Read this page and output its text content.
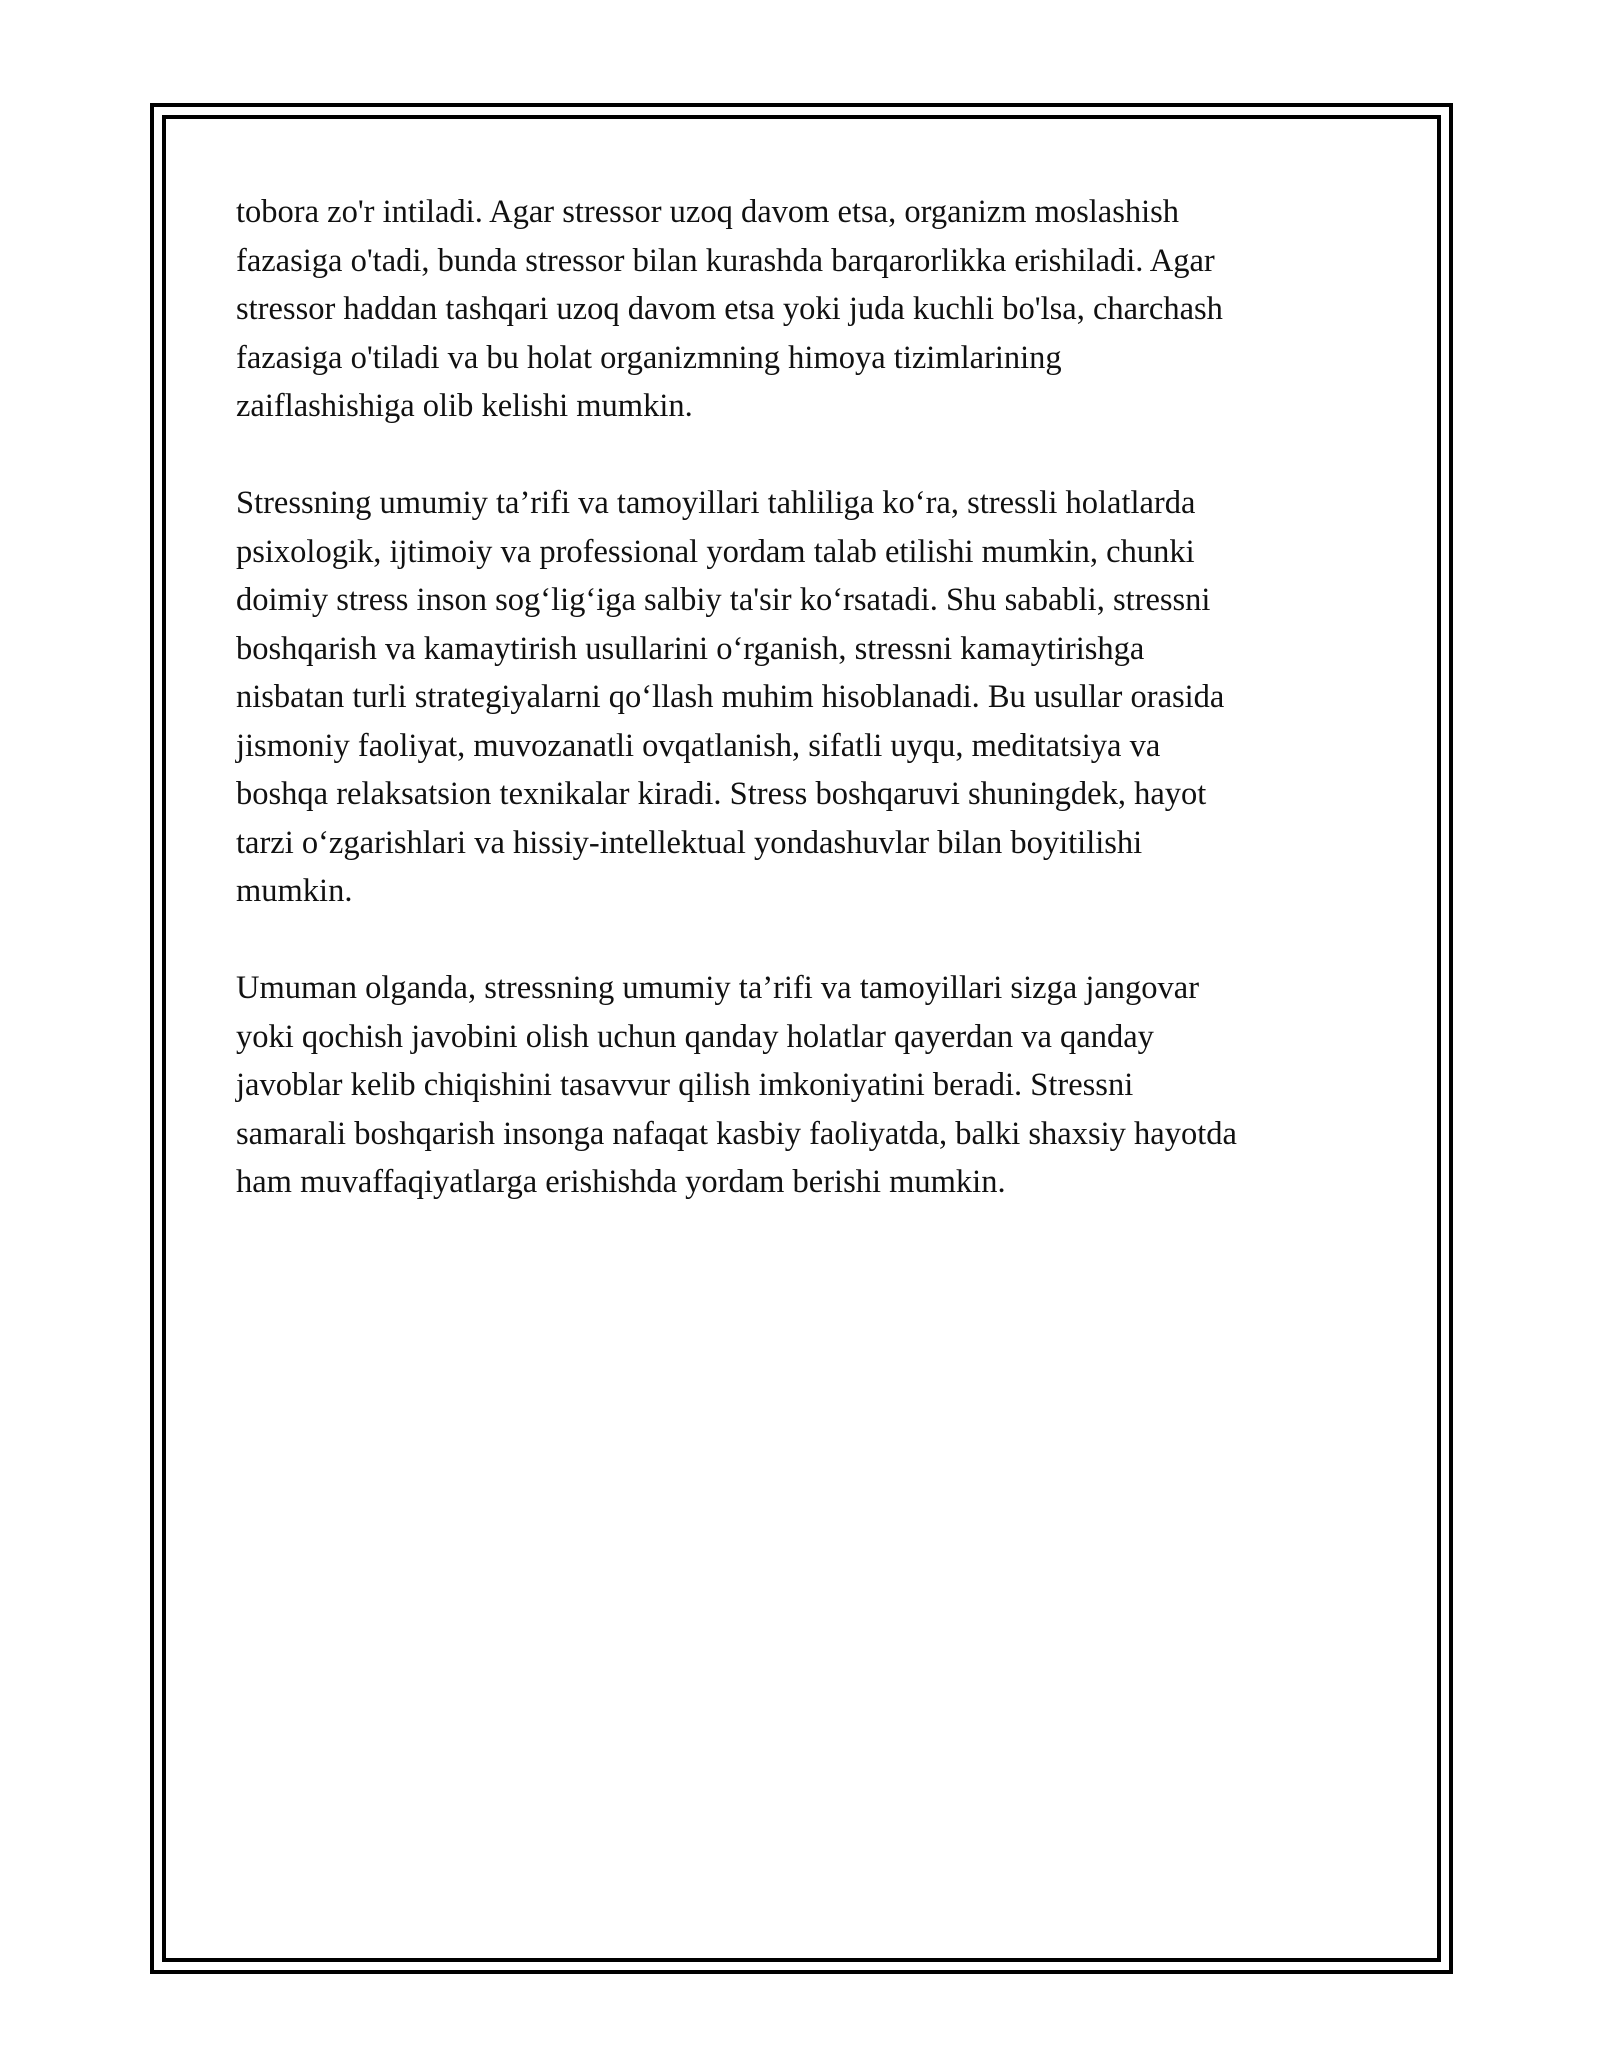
tobora zo'r intiladi. Agar stressor uzoq davom etsa, organizm moslashish
fazasiga o'tadi, bunda stressor bilan kurashda barqarorlikka erishiladi. Agar
stressor haddan tashqari uzoq davom etsa yoki juda kuchli bo'lsa, charchash
fazasiga o'tiladi va bu holat organizmning himoya tizimlarining
zaiflashishiga olib kelishi mumkin.

Stressning umumiy ta’rifi va tamoyillari tahliliga ko‘ra, stressli holatlarda
psixologik, ijtimoiy va professional yordam talab etilishi mumkin, chunki
doimiy stress inson sog‘lig‘iga salbiy ta'sir ko‘rsatadi. Shu sababli, stressni
boshqarish va kamaytirish usullarini o‘rganish, stressni kamaytirishga
nisbatan turli strategiyalarni qo‘llash muhim hisoblanadi. Bu usullar orasida
jismoniy faoliyat, muvozanatli ovqatlanish, sifatli uyqu, meditatsiya va
boshqa relaksatsion texnikalar kiradi. Stress boshqaruvi shuningdek, hayot
tarzi o‘zgarishlari va hissiy-intellektual yondashuvlar bilan boyitilishi
mumkin.

Umuman olganda, stressning umumiy ta’rifi va tamoyillari sizga jangovar
yoki qochish javobini olish uchun qanday holatlar qayerdan va qanday
javoblar kelib chiqishini tasavvur qilish imkoniyatini beradi. Stressni
samarali boshqarish insonga nafaqat kasbiy faoliyatda, balki shaxsiy hayotda
ham muvaffaqiyatlarga erishishda yordam berishi mumkin.
